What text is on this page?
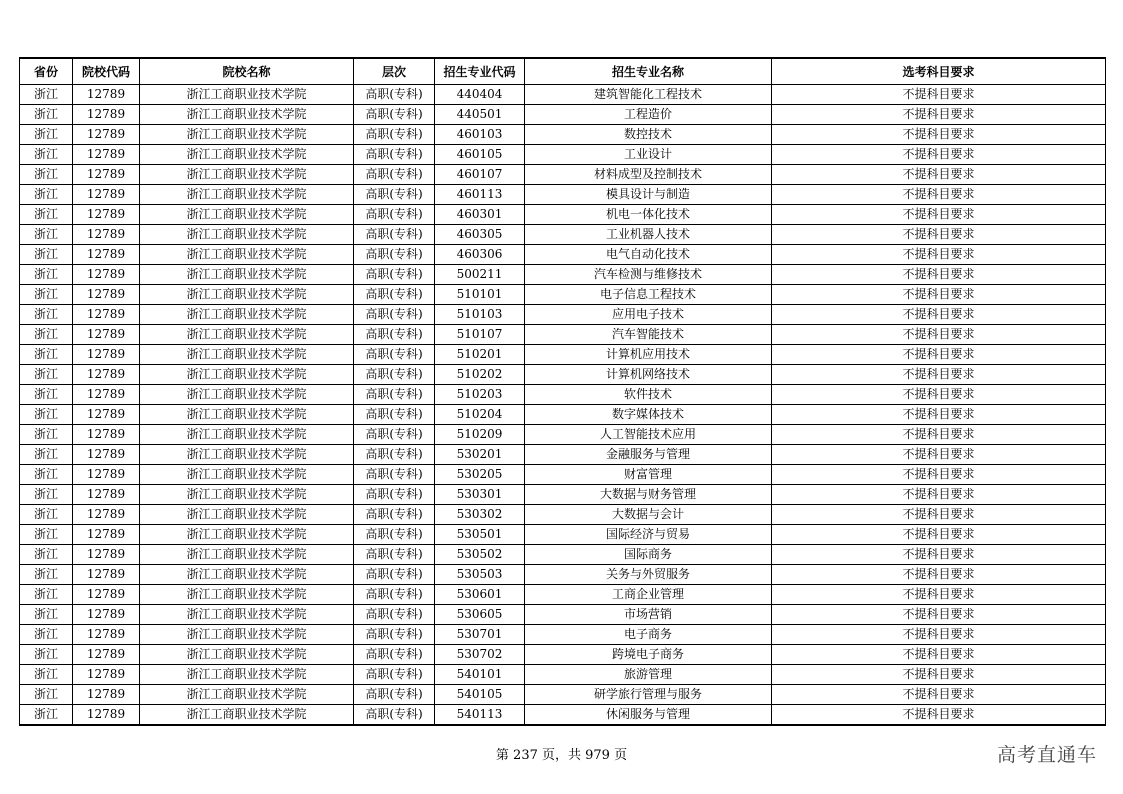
省份	院校代码	院校名称	层次	招生专业代码	招生专业名称	选考科目要求
浙江	12789	浙江工商职业技术学院	高职(专科)	440404	建筑智能化工程技术	不提科目要求
浙江	12789	浙江工商职业技术学院	高职(专科)	440501	工程造价	不提科目要求
浙江	12789	浙江工商职业技术学院	高职(专科)	460103	数控技术	不提科目要求
浙江	12789	浙江工商职业技术学院	高职(专科)	460105	工业设计	不提科目要求
浙江	12789	浙江工商职业技术学院	高职(专科)	460107	材料成型及控制技术	不提科目要求
浙江	12789	浙江工商职业技术学院	高职(专科)	460113	模具设计与制造	不提科目要求
浙江	12789	浙江工商职业技术学院	高职(专科)	460301	机电一体化技术	不提科目要求
浙江	12789	浙江工商职业技术学院	高职(专科)	460305	工业机器人技术	不提科目要求
浙江	12789	浙江工商职业技术学院	高职(专科)	460306	电气自动化技术	不提科目要求
浙江	12789	浙江工商职业技术学院	高职(专科)	500211	汽车检测与维修技术	不提科目要求
浙江	12789	浙江工商职业技术学院	高职(专科)	510101	电子信息工程技术	不提科目要求
浙江	12789	浙江工商职业技术学院	高职(专科)	510103	应用电子技术	不提科目要求
浙江	12789	浙江工商职业技术学院	高职(专科)	510107	汽车智能技术	不提科目要求
浙江	12789	浙江工商职业技术学院	高职(专科)	510201	计算机应用技术	不提科目要求
浙江	12789	浙江工商职业技术学院	高职(专科)	510202	计算机网络技术	不提科目要求
浙江	12789	浙江工商职业技术学院	高职(专科)	510203	软件技术	不提科目要求
浙江	12789	浙江工商职业技术学院	高职(专科)	510204	数字媒体技术	不提科目要求
浙江	12789	浙江工商职业技术学院	高职(专科)	510209	人工智能技术应用	不提科目要求
浙江	12789	浙江工商职业技术学院	高职(专科)	530201	金融服务与管理	不提科目要求
浙江	12789	浙江工商职业技术学院	高职(专科)	530205	财富管理	不提科目要求
浙江	12789	浙江工商职业技术学院	高职(专科)	530301	大数据与财务管理	不提科目要求
浙江	12789	浙江工商职业技术学院	高职(专科)	530302	大数据与会计	不提科目要求
浙江	12789	浙江工商职业技术学院	高职(专科)	530501	国际经济与贸易	不提科目要求
浙江	12789	浙江工商职业技术学院	高职(专科)	530502	国际商务	不提科目要求
浙江	12789	浙江工商职业技术学院	高职(专科)	530503	关务与外贸服务	不提科目要求
浙江	12789	浙江工商职业技术学院	高职(专科)	530601	工商企业管理	不提科目要求
浙江	12789	浙江工商职业技术学院	高职(专科)	530605	市场营销	不提科目要求
浙江	12789	浙江工商职业技术学院	高职(专科)	530701	电子商务	不提科目要求
浙江	12789	浙江工商职业技术学院	高职(专科)	530702	跨境电子商务	不提科目要求
浙江	12789	浙江工商职业技术学院	高职(专科)	540101	旅游管理	不提科目要求
浙江	12789	浙江工商职业技术学院	高职(专科)	540105	研学旅行管理与服务	不提科目要求
浙江	12789	浙江工商职业技术学院	高职(专科)	540113	休闲服务与管理	不提科目要求
第 237 页，共 979 页	高考直通车
